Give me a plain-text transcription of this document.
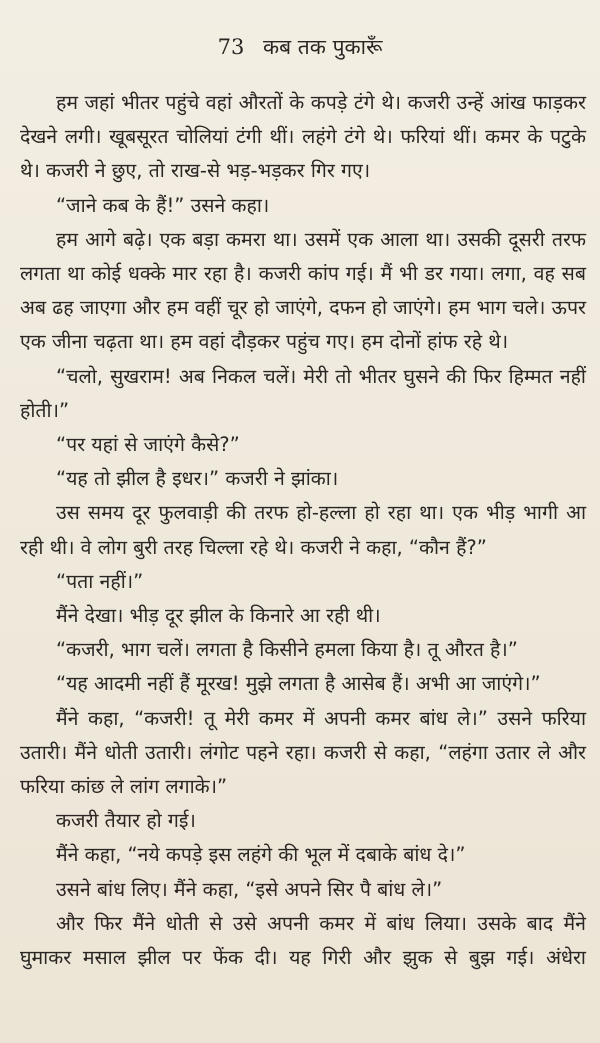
73 कब तक पुकारूँ

हम जहां भीतर पहुंचे वहां औरतों के कपड़े टंगे थे। कजरी उन्हें आंख फाड़कर देखने लगी। खूबसूरत चोलियां टंगी थीं। लहंगे टंगे थे। फरियां थीं। कमर के पटुके थे। कजरी ने छुए, तो राख-से भड़-भड़कर गिर गए।

“जाने कब के हैं!” उसने कहा।

हम आगे बढ़े। एक बड़ा कमरा था। उसमें एक आला था। उसकी दूसरी तरफ लगता था कोई धक्के मार रहा है। कजरी कांप गई। मैं भी डर गया। लगा, वह सब अब ढह जाएगा और हम वहीं चूर हो जाएंगे, दफन हो जाएंगे। हम भाग चले। ऊपर एक जीना चढ़ता था। हम वहां दौड़कर पहुंच गए। हम दोनों हांफ रहे थे।

“चलो, सुखराम! अब निकल चलें। मेरी तो भीतर घुसने की फिर हिम्मत नहीं होती।”

“पर यहां से जाएंगे कैसे?”

“यह तो झील है इधर।” कजरी ने झांका।

उस समय दूर फुलवाड़ी की तरफ हो-हल्ला हो रहा था। एक भीड़ भागी आ रही थी। वे लोग बुरी तरह चिल्ला रहे थे। कजरी ने कहा, “कौन हैं?”

“पता नहीं।”

मैंने देखा। भीड़ दूर झील के किनारे आ रही थी।

“कजरी, भाग चलें। लगता है किसीने हमला किया है। तू औरत है।”

“यह आदमी नहीं हैं मूरख! मुझे लगता है आसेब हैं। अभी आ जाएंगे।”

मैंने कहा, “कजरी! तू मेरी कमर में अपनी कमर बांध ले।” उसने फरिया उतारी। मैंने धोती उतारी। लंगोट पहने रहा। कजरी से कहा, “लहंगा उतार ले और फरिया कांछ ले लांग लगाके।”

कजरी तैयार हो गई।

मैंने कहा, “नये कपड़े इस लहंगे की भूल में दबाके बांध दे।”

उसने बांध लिए। मैंने कहा, “इसे अपने सिर पै बांध ले।”

और फिर मैंने धोती से उसे अपनी कमर में बांध लिया। उसके बाद मैंने घुमाकर मसाल झील पर फेंक दी। यह गिरी और झुक से बुझ गई। अंधेरा
